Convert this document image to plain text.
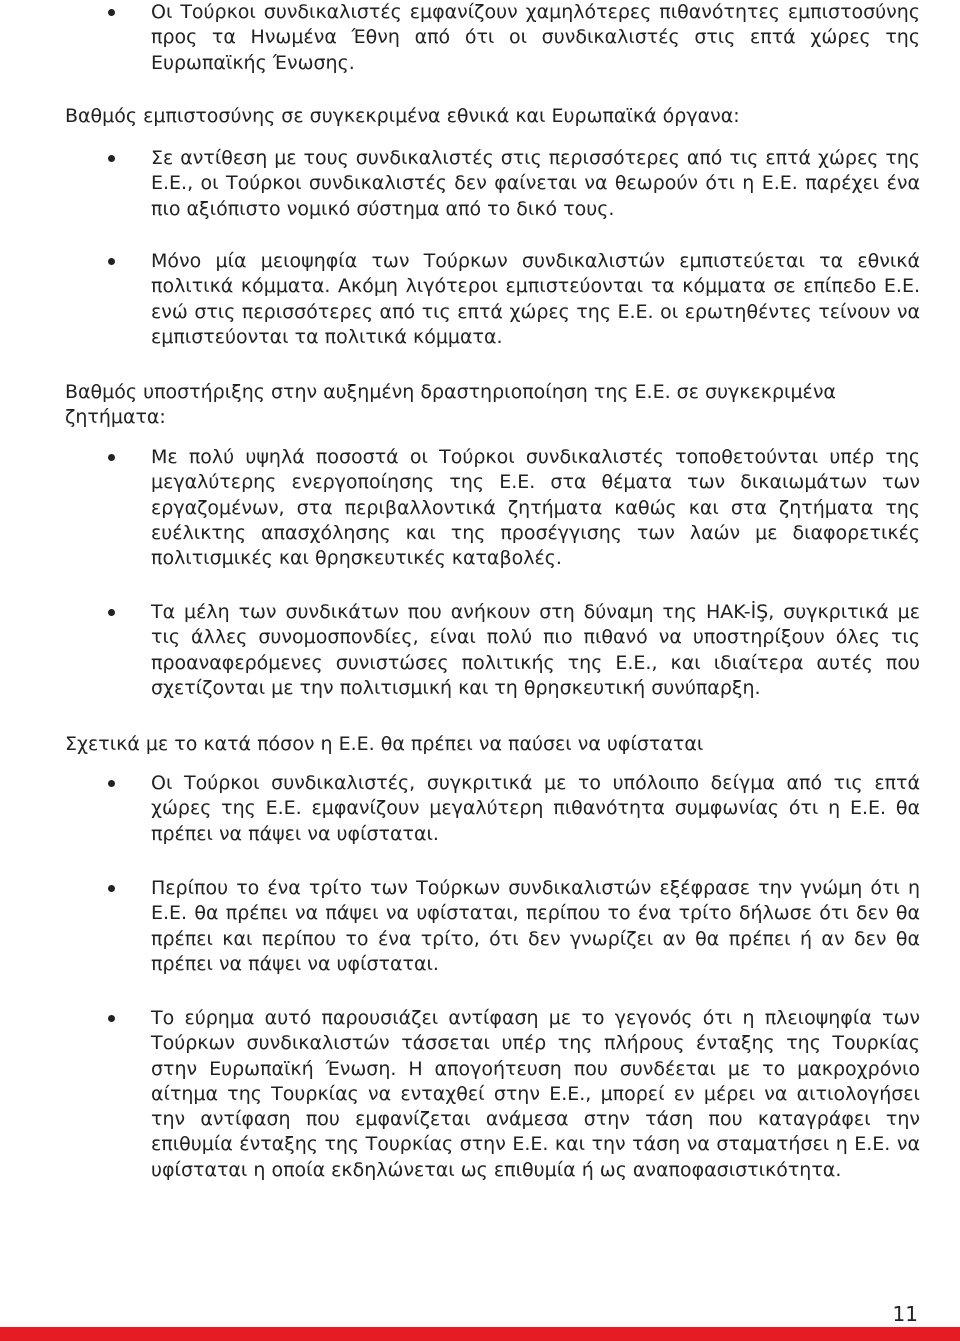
Οι Τούρκοι συνδικαλιστές εμφανίζουν χαμηλότερες πιθανότητες εμπιστοσύνης προς τα Ηνωμένα Έθνη από ότι οι συνδικαλιστές στις επτά χώρες της Ευρωπαϊκής Ένωσης.

Βαθμός εμπιστοσύνης σε συγκεκριμένα εθνικά και Ευρωπαϊκά όργανα:

Σε αντίθεση με τους συνδικαλιστές στις περισσότερες από τις επτά χώρες της Ε.Ε., οι Τούρκοι συνδικαλιστές δεν φαίνεται να θεωρούν ότι η Ε.Ε. παρέχει ένα πιο αξιόπιστο νομικό σύστημα από το δικό τους.

Μόνο μία μειοψηφία των Τούρκων συνδικαλιστών εμπιστεύεται τα εθνικά πολιτικά κόμματα. Ακόμη λιγότεροι εμπιστεύονται τα κόμματα σε επίπεδο Ε.Ε. ενώ στις περισσότερες από τις επτά χώρες της Ε.Ε. οι ερωτηθέντες τείνουν να εμπιστεύονται τα πολιτικά κόμματα.

Βαθμός υποστήριξης στην αυξημένη δραστηριοποίηση της Ε.Ε. σε συγκεκριμένα ζητήματα:

Με πολύ υψηλά ποσοστά οι Τούρκοι συνδικαλιστές τοποθετούνται υπέρ της μεγαλύτερης ενεργοποίησης της Ε.Ε. στα θέματα των δικαιωμάτων των εργαζομένων, στα περιβαλλοντικά ζητήματα καθώς και στα ζητήματα της ευέλικτης απασχόλησης και της προσέγγισης των λαών με διαφορετικές πολιτισμικές και θρησκευτικές καταβολές.

Τα μέλη των συνδικάτων που ανήκουν στη δύναμη της HAK-İŞ, συγκριτικά με τις άλλες συνομοσπονδίες, είναι πολύ πιο πιθανό να υποστηρίξουν όλες τις προαναφερόμενες συνιστώσες πολιτικής της Ε.Ε., και ιδιαίτερα αυτές που σχετίζονται με την πολιτισμική και τη θρησκευτική συνύπαρξη.

Σχετικά με το κατά πόσον η Ε.Ε. θα πρέπει να παύσει να υφίσταται

Οι Τούρκοι συνδικαλιστές, συγκριτικά με το υπόλοιπο δείγμα από τις επτά χώρες της Ε.Ε. εμφανίζουν μεγαλύτερη πιθανότητα συμφωνίας ότι η Ε.Ε. θα πρέπει να πάψει να υφίσταται.

Περίπου το ένα τρίτο των Τούρκων συνδικαλιστών εξέφρασε την γνώμη ότι η Ε.Ε. θα πρέπει να πάψει να υφίσταται, περίπου το ένα τρίτο δήλωσε ότι δεν θα πρέπει και περίπου το ένα τρίτο, ότι δεν γνωρίζει αν θα πρέπει ή αν δεν θα πρέπει να πάψει να υφίσταται.

Το εύρημα αυτό παρουσιάζει αντίφαση με το γεγονός ότι η πλειοψηφία των Τούρκων συνδικαλιστών τάσσεται υπέρ της πλήρους ένταξης της Τουρκίας στην Ευρωπαϊκή Ένωση. Η απογοήτευση που συνδέεται με το μακροχρόνιο αίτημα της Τουρκίας να ενταχθεί στην Ε.Ε., μπορεί εν μέρει να αιτιολογήσει την αντίφαση που εμφανίζεται ανάμεσα στην τάση που καταγράφει την επιθυμία ένταξης της Τουρκίας στην Ε.Ε. και την τάση να σταματήσει η Ε.Ε. να υφίσταται η οποία εκδηλώνεται ως επιθυμία ή ως αναποφασιστικότητα.

11
